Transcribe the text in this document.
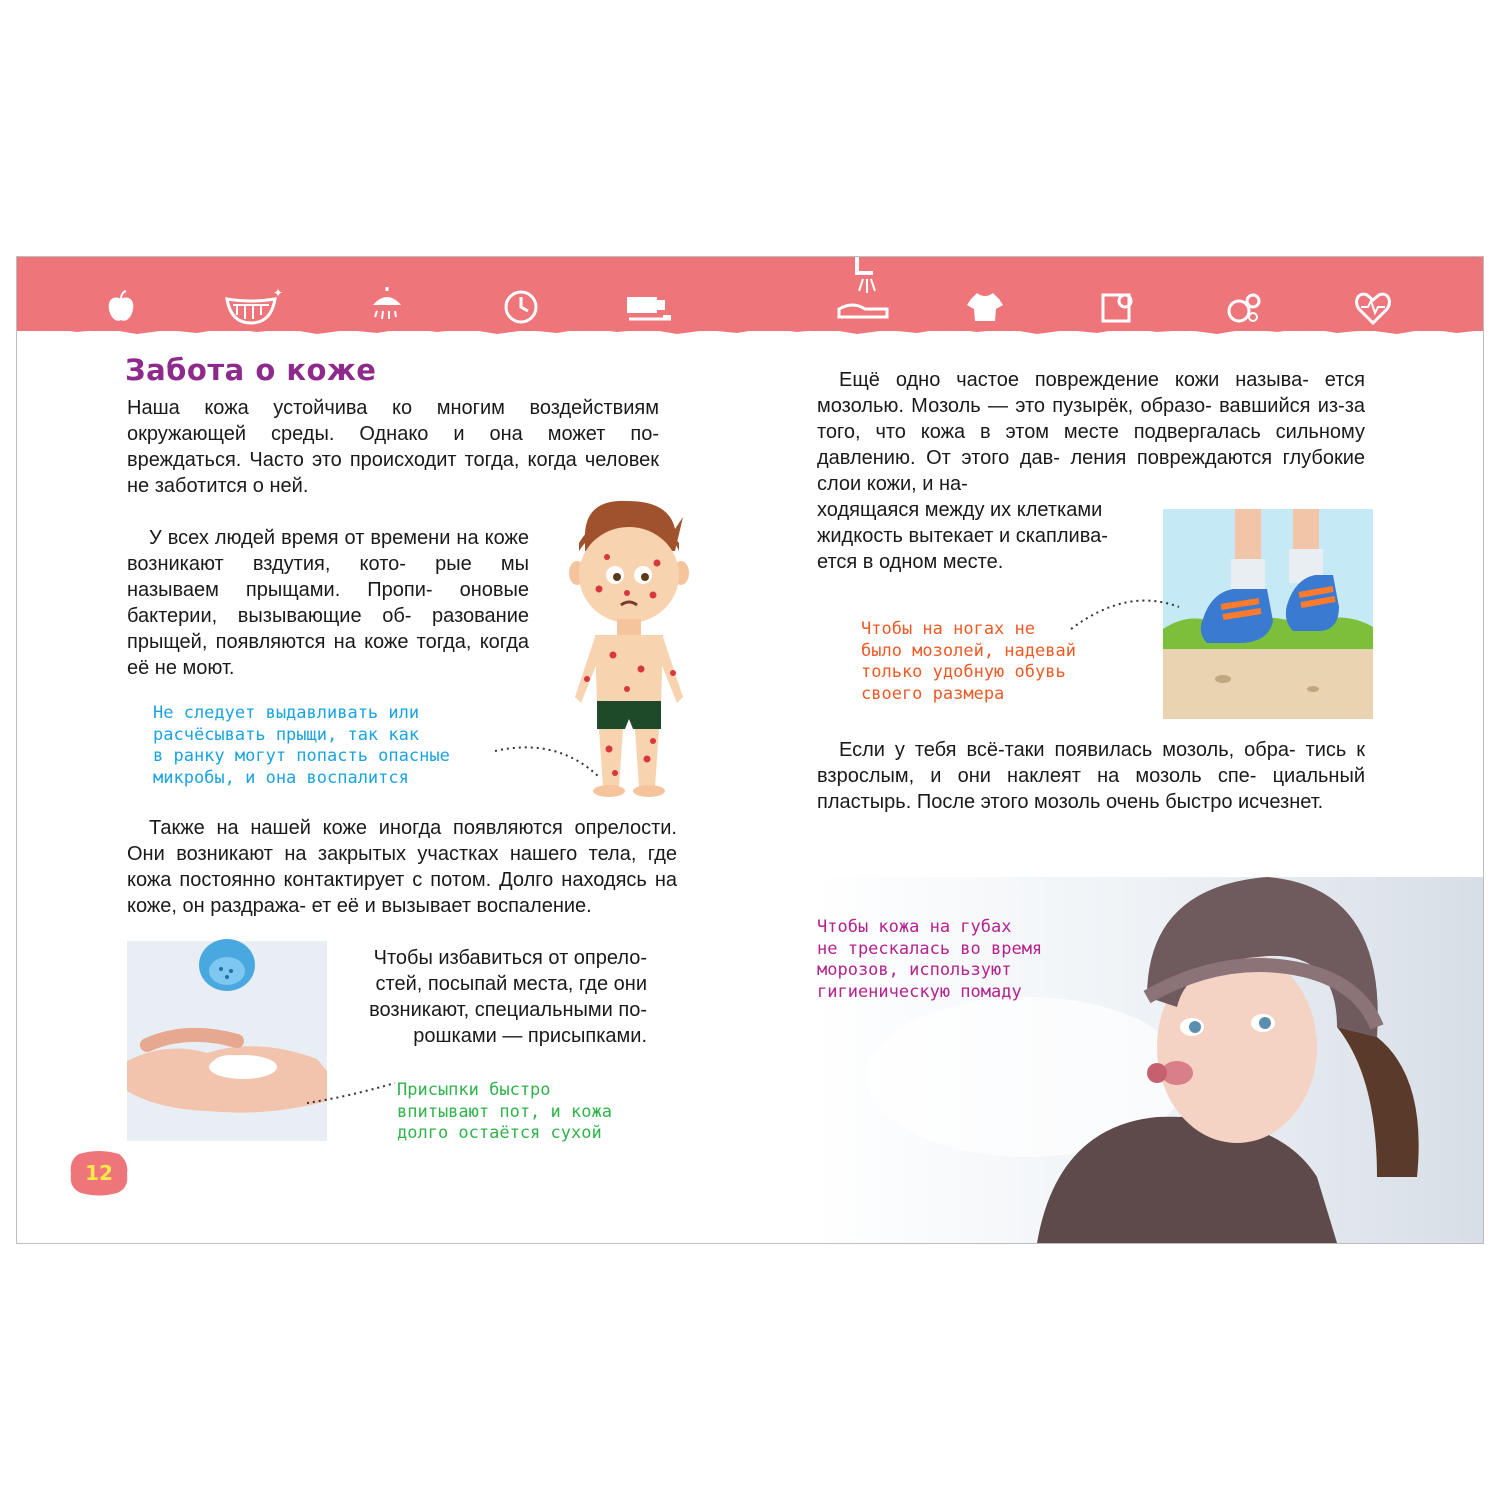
✦
Забота о коже

Наша кожа устойчива ко многим воздействиям окружающей среды. Однако и она может по- вреждаться. Часто это происходит тогда, когда человек не заботится о ней.

У всех людей время от времени на коже возникают вздутия, кото- рые мы называем прыщами. Пропи- оновые бактерии, вызывающие об- разование прыщей, появляются на коже тогда, когда её не моют.

Не следует выдавливать или
расчёсывать прыщи, так как
в ранку могут попасть опасные
микробы, и она воспалится

Также на нашей коже иногда появляются опрелости. Они возникают на закрытых участках нашего тела, где кожа постоянно контактирует с потом. Долго находясь на коже, он раздража- ет её и вызывает воспаление.

Чтобы избавиться от опрело-
стей, посыпай места, где они
возникают, специальными по-
рошками — присыпками.

Присыпки быстро
впитывают пот, и кожа
долго остаётся сухой
12

Ещё одно частое повреждение кожи называ- ется мозолью. Мозоль — это пузырёк, образо- вавшийся из-за того, что кожа в этом месте подвергалась сильному давлению. От этого дав- ления повреждаются глубокие слои кожи, и на-

ходящаяся между их клетками
жидкость вытекает и скаплива-
ется в одном месте.

Чтобы на ногах не
было мозолей, надевай
только удобную обувь
своего размера

Если у тебя всё-таки появилась мозоль, обра- тись к взрослым, и они наклеят на мозоль спе- циальный пластырь. После этого мозоль очень быстро исчезнет.

Чтобы кожа на губах
не трескалась во время
морозов, используют
гигиеническую помаду
